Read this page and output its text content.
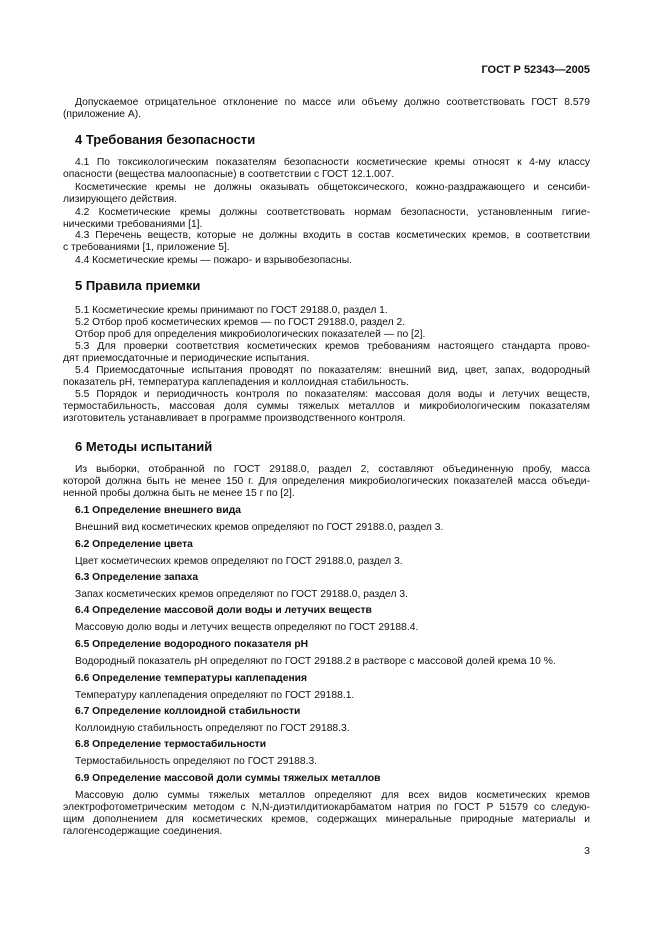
ГОСТ Р 52343—2005
Допускаемое отрицательное отклонение по массе или объему должно соответствовать ГОСТ 8.579
(приложение А).
4 Требования безопасности
4.1 По токсикологическим показателям безопасности косметические кремы относят к 4-му классу
опасности (вещества малоопасные) в соответствии с ГОСТ 12.1.007.
Косметические кремы не должны оказывать общетоксического, кожно-раздражающего и сенсиби-
лизирующего действия.
4.2 Косметические кремы должны соответствовать нормам безопасности, установленным гигие-
ническими требованиями [1].
4.3 Перечень веществ, которые не должны входить в состав косметических кремов, в соответствии
с требованиями [1, приложение 5].
4.4 Косметические кремы — пожаро- и взрывобезопасны.
5 Правила приемки
5.1 Косметические кремы принимают по ГОСТ 29188.0, раздел 1.
5.2 Отбор проб косметических кремов — по ГОСТ 29188.0, раздел 2.
Отбор проб для определения микробиологических показателей — по [2].
5.3 Для проверки соответствия косметических кремов требованиям настоящего стандарта прово-
дят приемосдаточные и периодические испытания.
5.4 Приемосдаточные испытания проводят по показателям: внешний вид, цвет, запах, водородный
показатель pH, температура каплепадения и коллоидная стабильность.
5.5 Порядок и периодичность контроля по показателям: массовая доля воды и летучих веществ,
термостабильность, массовая доля суммы тяжелых металлов и микробиологическим показателям
изготовитель устанавливает в программе производственного контроля.
6 Методы испытаний
Из выборки, отобранной по ГОСТ 29188.0, раздел 2, составляют объединенную пробу, масса
которой должна быть не менее 150 г. Для определения микробиологических показателей масса объеди-
ненной пробы должна быть не менее 15 г по [2].
6.1 Определение внешнего вида
Внешний вид косметических кремов определяют по ГОСТ 29188.0, раздел 3.
6.2 Определение цвета
Цвет косметических кремов определяют по ГОСТ 29188.0, раздел 3.
6.3 Определение запаха
Запах косметических кремов определяют по ГОСТ 29188.0, раздел 3.
6.4 Определение массовой доли воды и летучих веществ
Массовую долю воды и летучих веществ определяют по ГОСТ 29188.4.
6.5 Определение водородного показателя pH
Водородный показатель pH определяют по ГОСТ 29188.2 в растворе с массовой долей крема 10 %.
6.6 Определение температуры каплепадения
Температуру каплепадения определяют по ГОСТ 29188.1.
6.7 Определение коллоидной стабильности
Коллоидную стабильность определяют по ГОСТ 29188.3.
6.8 Определение термостабильности
Термостабильность определяют по ГОСТ 29188.3.
6.9 Определение массовой доли суммы тяжелых металлов
Массовую долю суммы тяжелых металлов определяют для всех видов косметических кремов
электрофотометрическим методом с N,N-диэтилдитиокарбаматом натрия по ГОСТ Р 51579 со следую-
щим дополнением для косметических кремов, содержащих минеральные природные материалы и
галогенсодержащие соединения.
3
